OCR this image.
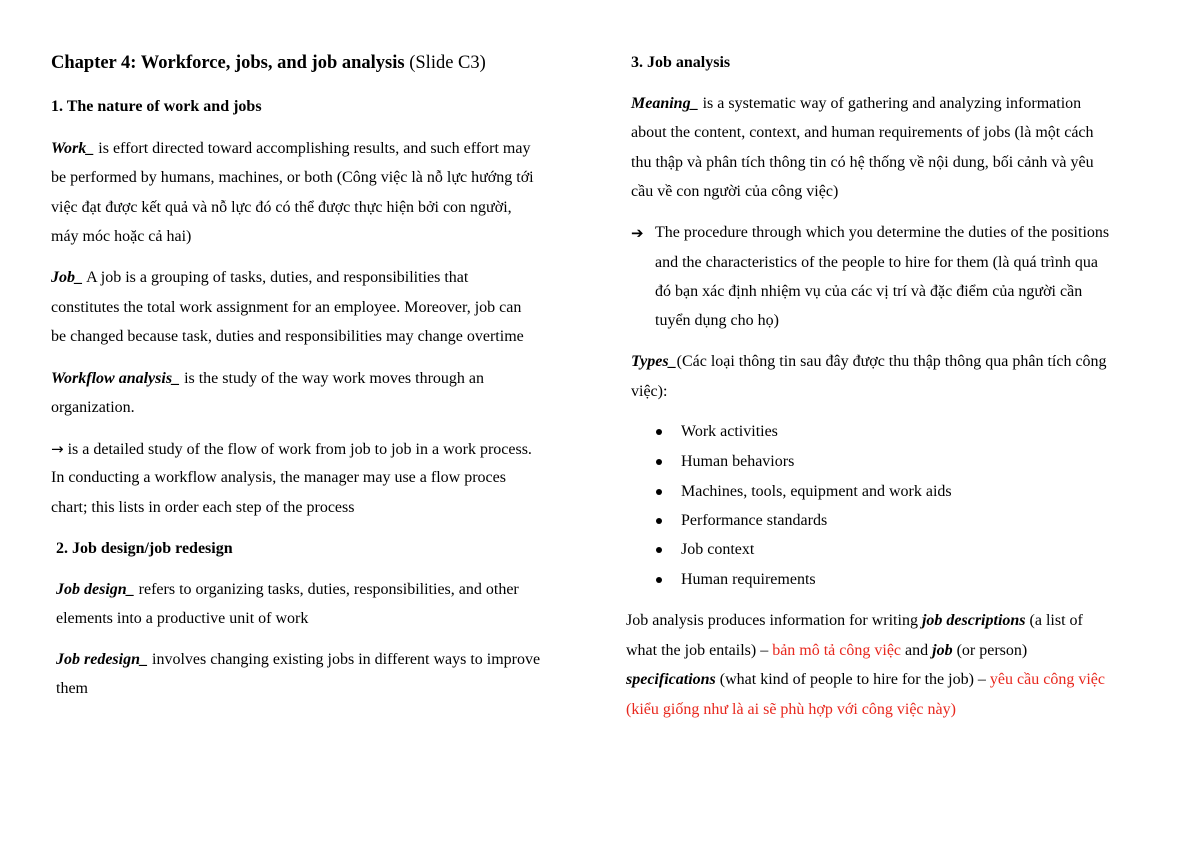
Chapter 4: Workforce, jobs, and job analysis (Slide C3)
1. The nature of work and jobs
Work_ is effort directed toward accomplishing results, and such effort may
be performed by humans, machines, or both (Công việc là nỗ lực hướng tới
việc đạt được kết quả và nỗ lực đó có thể được thực hiện bởi con người,
máy móc hoặc cả hai)
Job_ A job is a grouping of tasks, duties, and responsibilities that
constitutes the total work assignment for an employee. Moreover, job can
be changed because task, duties and responsibilities may change overtime
Workflow analysis_ is the study of the way work moves through an
organization.
→ is a detailed study of the flow of work from job to job in a work process.
In conducting a workflow analysis, the manager may use a flow proces
chart; this lists in order each step of the process
2. Job design/job redesign
Job design_ refers to organizing tasks, duties, responsibilities, and other
elements into a productive unit of work
Job redesign_ involves changing existing jobs in different ways to improve
them
3. Job analysis
Meaning_ is a systematic way of gathering and analyzing information
about the content, context, and human requirements of jobs (là một cách
thu thập và phân tích thông tin có hệ thống về nội dung, bối cảnh và yêu
cầu về con người của công việc)
➔ The procedure through which you determine the duties of the positions
and the characteristics of the people to hire for them (là quá trình qua
đó bạn xác định nhiệm vụ của các vị trí và đặc điểm của người cần
tuyển dụng cho họ)
Types_(Các loại thông tin sau đây được thu thập thông qua phân tích công
việc):
Work activities
Human behaviors
Machines, tools, equipment and work aids
Performance standards
Job context
Human requirements
Job analysis produces information for writing job descriptions (a list of
what the job entails) – bản mô tả công việc and job (or person)
specifications (what kind of people to hire for the job) – yêu cầu công việc
(kiểu giống như là ai sẽ phù hợp với công việc này)
